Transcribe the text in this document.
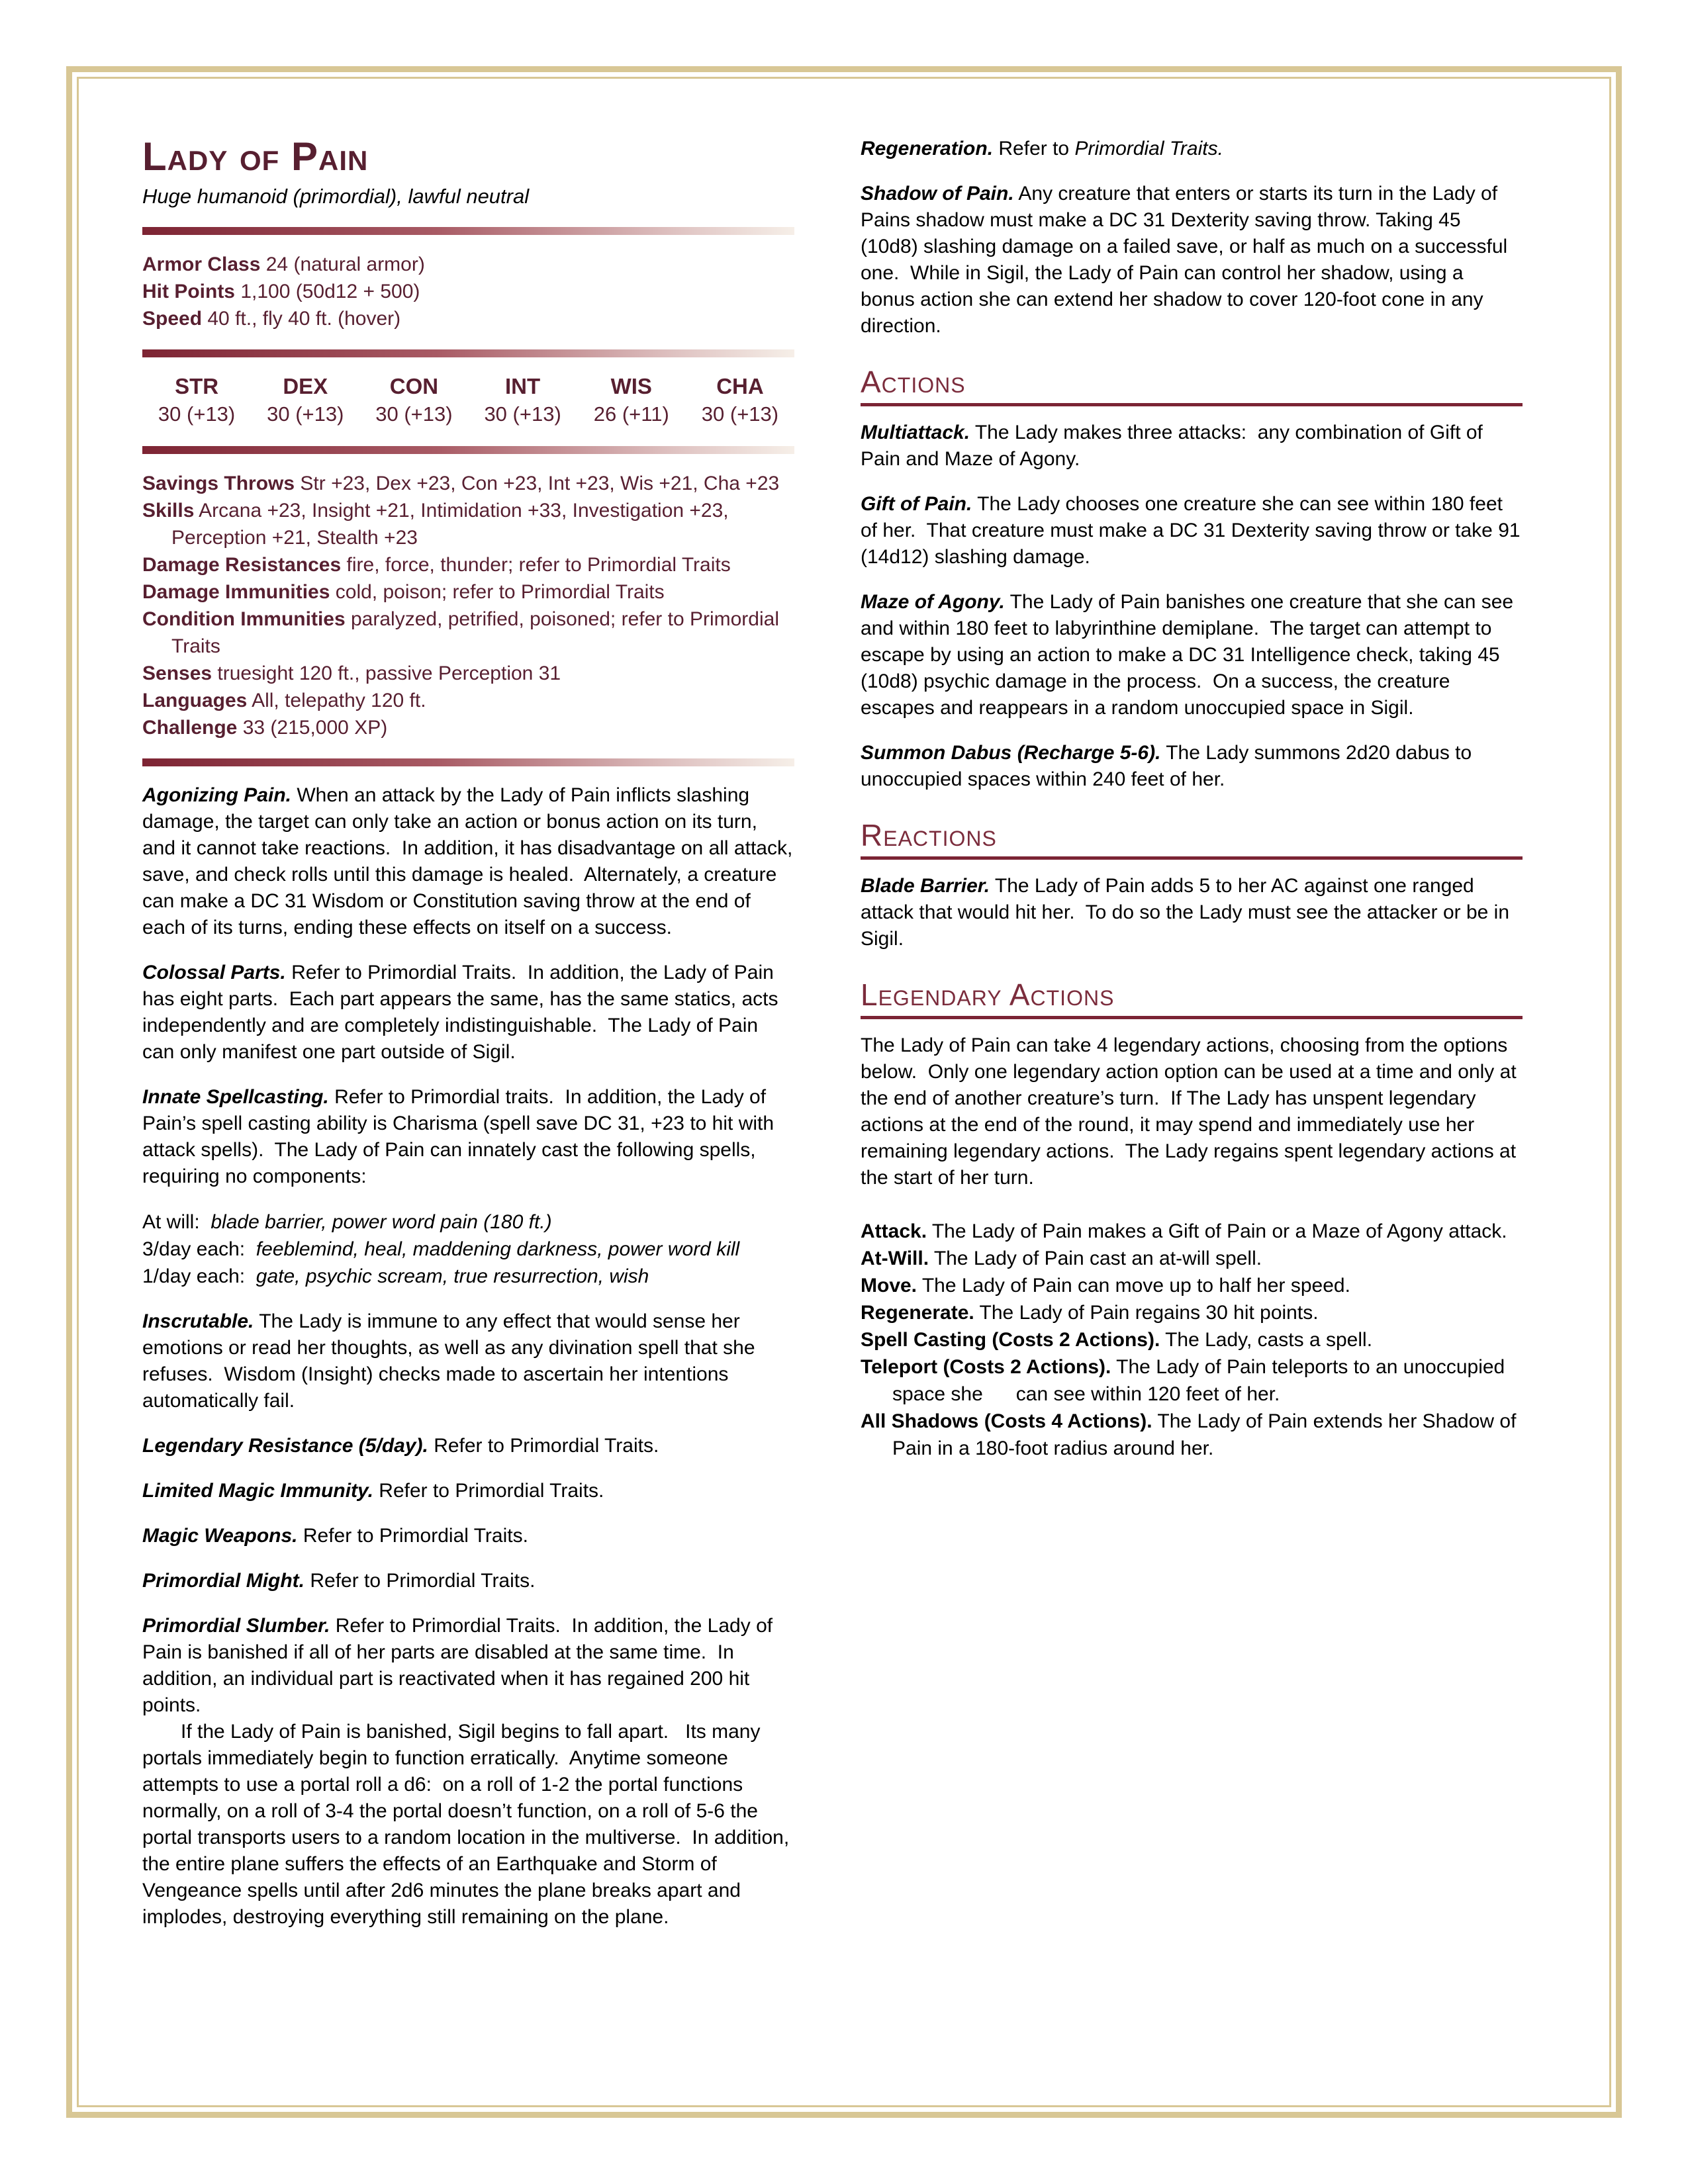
Lady of Pain
Huge humanoid (primordial), lawful neutral
Armor Class 24 (natural armor)
Hit Points 1,100 (50d12 + 500)
Speed 40 ft., fly 40 ft. (hover)
STR
30 (+13)
DEX
30 (+13)
CON
30 (+13)
INT
30 (+13)
WIS
26 (+11)
CHA
30 (+13)
Savings Throws Str +23, Dex +23, Con +23, Int +23, Wis +21, Cha +23
Skills Arcana +23, Insight +21, Intimidation +33, Investigation +23, Perception +21, Stealth +23
Damage Resistances fire, force, thunder; refer to Primordial Traits
Damage Immunities cold, poison; refer to Primordial Traits
Condition Immunities paralyzed, petrified, poisoned; refer to Primordial Traits
Senses truesight 120 ft., passive Perception 31
Languages All, telepathy 120 ft.
Challenge 33 (215,000 XP)

Agonizing Pain. When an attack by the Lady of Pain inflicts slashing damage, the target can only take an action or bonus action on its turn, and it cannot take reactions.  In addition, it has disadvantage on all attack, save, and check rolls until this damage is healed.  Alternately, a creature can make a DC 31 Wisdom or Constitution saving throw at the end of each of its turns, ending these effects on itself on a success.

Colossal Parts. Refer to Primordial Traits.  In addition, the Lady of Pain has eight parts.  Each part appears the same, has the same statics, acts independently and are completely indistinguishable.  The Lady of Pain can only manifest one part outside of Sigil.

Innate Spellcasting. Refer to Primordial traits.  In addition, the Lady of Pain’s spell casting ability is Charisma (spell save DC 31, +23 to hit with attack spells).  The Lady of Pain can innately cast the following spells, requiring no components:

At will: blade barrier, power word pain (180 ft.)
3/day each: feeblemind, heal, maddening darkness, power word kill
1/day each: gate, psychic scream, true resurrection, wish

Inscrutable. The Lady is immune to any effect that would sense her emotions or read her thoughts, as well as any divination spell that she refuses.  Wisdom (Insight) checks made to ascertain her intentions automatically fail.

Legendary Resistance (5/day). Refer to Primordial Traits.

Limited Magic Immunity. Refer to Primordial Traits.

Magic Weapons. Refer to Primordial Traits.

Primordial Might. Refer to Primordial Traits.

Primordial Slumber. Refer to Primordial Traits.  In addition, the Lady of Pain is banished if all of her parts are disabled at the same time.  In addition, an individual part is reactivated when it has regained 200 hit points.

If the Lady of Pain is banished, Sigil begins to fall apart.   Its many portals immediately begin to function erratically.  Anytime someone attempts to use a portal roll a d6:  on a roll of 1-2 the portal functions normally, on a roll of 3-4 the portal doesn’t function, on a roll of 5-6 the portal transports users to a random location in the multiverse.  In addition, the entire plane suffers the effects of an Earthquake and Storm of Vengeance spells until after 2d6 minutes the plane breaks apart and implodes, destroying everything still remaining on the plane.

Regeneration. Refer to Primordial Traits.

Shadow of Pain. Any creature that enters or starts its turn in the Lady of Pains shadow must make a DC 31 Dexterity saving throw. Taking 45 (10d8) slashing damage on a failed save, or half as much on a successful one.  While in Sigil, the Lady of Pain can control her shadow, using a bonus action she can extend her shadow to cover 120-foot cone in any direction.

Actions

Multiattack. The Lady makes three attacks:  any combination of Gift of Pain and Maze of Agony.

Gift of Pain. The Lady chooses one creature she can see within 180 feet of her.  That creature must make a DC 31 Dexterity saving throw or take 91 (14d12) slashing damage.

Maze of Agony. The Lady of Pain banishes one creature that she can see and within 180 feet to labyrinthine demiplane.  The target can attempt to escape by using an action to make a DC 31 Intelligence check, taking 45 (10d8) psychic damage in the process.  On a success, the creature escapes and reappears in a random unoccupied space in Sigil.

Summon Dabus (Recharge 5-6). The Lady summons 2d20 dabus to unoccupied spaces within 240 feet of her.

Reactions

Blade Barrier. The Lady of Pain adds 5 to her AC against one ranged attack that would hit her.  To do so the Lady must see the attacker or be in Sigil.

Legendary Actions

The Lady of Pain can take 4 legendary actions, choosing from the options below.  Only one legendary action option can be used at a time and only at the end of another creature’s turn.  If The Lady has unspent legendary actions at the end of the round, it may spend and immediately use her remaining legendary actions.  The Lady regains spent legendary actions at the start of her turn.

Attack. The Lady of Pain makes a Gift of Pain or a Maze of Agony attack.

At-Will. The Lady of Pain cast an at-will spell.

Move. The Lady of Pain can move up to half her speed.

Regenerate. The Lady of Pain regains 30 hit points.

Spell Casting (Costs 2 Actions). The Lady, casts a spell.

Teleport (Costs 2 Actions). The Lady of Pain teleports to an unoccupied space she      can see within 120 feet of her.

All Shadows (Costs 4 Actions). The Lady of Pain extends her Shadow of Pain in a 180-foot radius around her.
